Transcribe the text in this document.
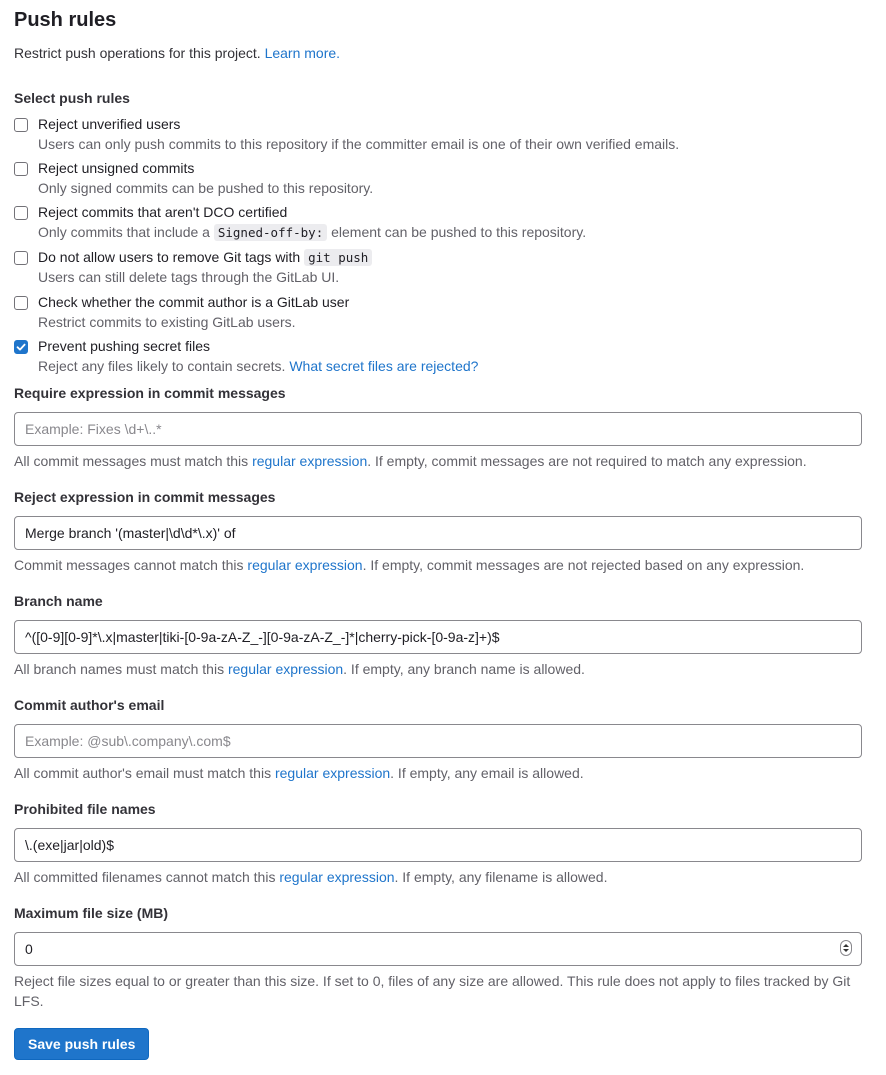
Push rules
Restrict push operations for this project. Learn more.
Select push rules
Reject unverified users
Users can only push commits to this repository if the committer email is one of their own verified emails.
Reject unsigned commits
Only signed commits can be pushed to this repository.
Reject commits that aren't DCO certified
Only commits that include a Signed-off-by: element can be pushed to this repository.
Do not allow users to remove Git tags with git push
Users can still delete tags through the GitLab UI.
Check whether the commit author is a GitLab user
Restrict commits to existing GitLab users.
Prevent pushing secret files
Reject any files likely to contain secrets. What secret files are rejected?
Require expression in commit messages
Example: Fixes \d+\..*
All commit messages must match this regular expression. If empty, commit messages are not required to match any expression.
Reject expression in commit messages
Merge branch '(master|\d\d*\.x)' of
Commit messages cannot match this regular expression. If empty, commit messages are not rejected based on any expression.
Branch name
^([0-9][0-9]*\.x|master|tiki-[0-9a-zA-Z_-][0-9a-zA-Z_-]*|cherry-pick-[0-9a-z]+)$
All branch names must match this regular expression. If empty, any branch name is allowed.
Commit author's email
Example: @sub\.company\.com$
All commit author's email must match this regular expression. If empty, any email is allowed.
Prohibited file names
\.(exe|jar|old)$
All committed filenames cannot match this regular expression. If empty, any filename is allowed.
Maximum file size (MB)
0
Reject file sizes equal to or greater than this size. If set to 0, files of any size are allowed. This rule does not apply to files tracked by Git LFS.
Save push rules
